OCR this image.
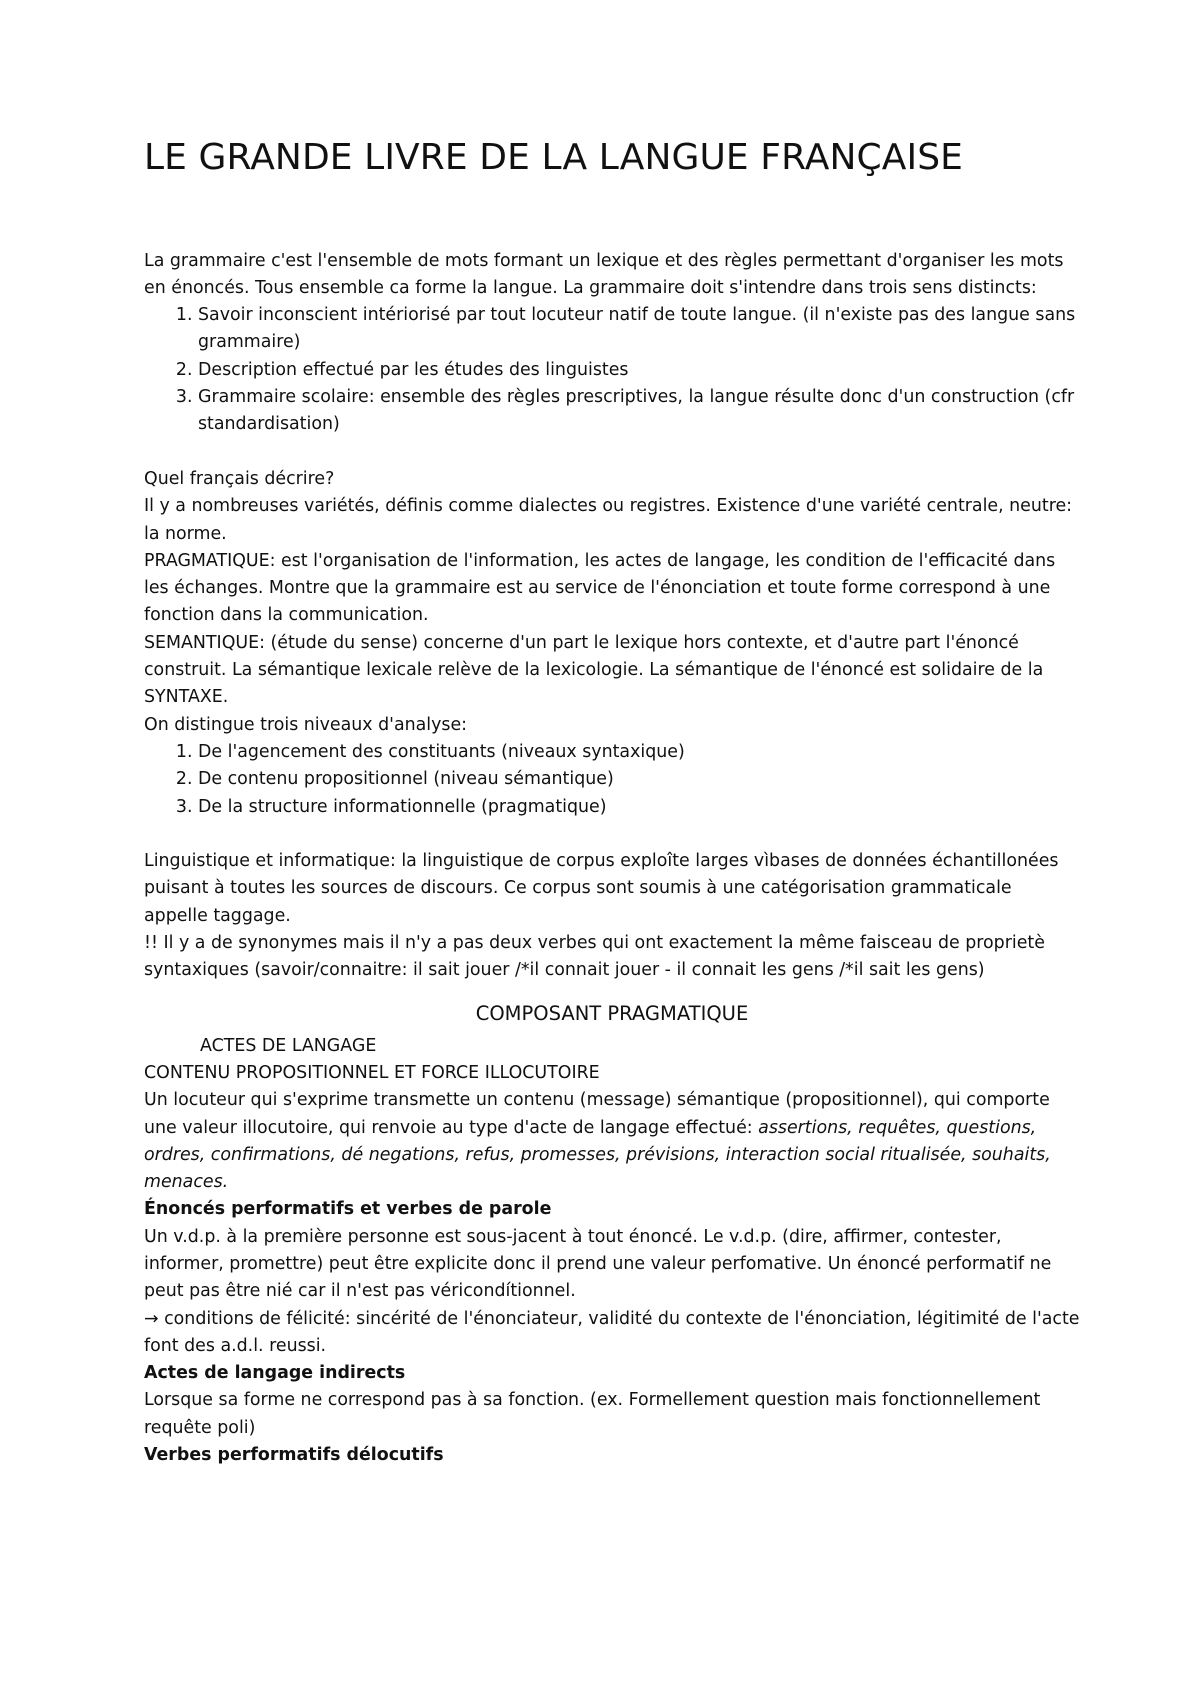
LE GRANDE LIVRE DE LA LANGUE FRANÇAISE

La grammaire c'est l'ensemble de mots formant un lexique et des règles permettant d'organiser les mots en énoncés. Tous ensemble ca forme la langue. La grammaire doit s'intendre dans trois sens distincts:

1. Savoir inconscient intériorisé par tout locuteur natif de toute langue. (il n'existe pas des langue sans grammaire)
2. Description effectué par les études des linguistes
3. Grammaire scolaire: ensemble des règles prescriptives, la langue résulte donc d'un construction (cfr standardisation)

Quel français décrire?

Il y a nombreuses variétés, définis comme dialectes ou registres. Existence d'une variété centrale, neutre: la norme.

PRAGMATIQUE: est l'organisation de l'information, les actes de langage, les condition de l'efficacité dans les échanges. Montre que la grammaire est au service de l'énonciation et toute forme correspond à une fonction dans la communication.

SEMANTIQUE: (étude du sense) concerne d'un part le lexique hors contexte, et d'autre part l'énoncé construit. La sémantique lexicale relève de la lexicologie. La sémantique de l'énoncé est solidaire de la SYNTAXE.

On distingue trois niveaux d'analyse:

1. De l'agencement des constituants (niveaux syntaxique)
2. De contenu propositionnel (niveau sémantique)
3. De la structure informationnelle (pragmatique)

Linguistique et informatique: la linguistique de corpus exploîte larges vìbases de données échantillonées puisant à toutes les sources de discours. Ce corpus sont soumis à une catégorisation grammaticale appelle taggage.

!! Il y a de synonymes mais il n'y a pas deux verbes qui ont exactement la même faisceau de proprietè syntaxiques (savoir/connaitre: il sait jouer /*il connait jouer - il connait les gens /*il sait les gens)

COMPOSANT PRAGMATIQUE

ACTES DE LANGAGE

CONTENU PROPOSITIONNEL ET FORCE ILLOCUTOIRE

Un locuteur qui s'exprime transmette un contenu (message) sémantique (propositionnel), qui comporte une valeur illocutoire, qui renvoie au type d'acte de langage effectué: assertions, requêtes, questions, ordres, confirmations, dé negations, refus, promesses, prévisions, interaction social ritualisée, souhaits, menaces.

Énoncés performatifs et verbes de parole

Un v.d.p. à la première personne est sous-jacent à tout énoncé. Le v.d.p. (dire, affirmer, contester, informer, promettre) peut être explicite donc il prend une valeur perfomative. Un énoncé performatif ne peut pas être nié car il n'est pas véricondítionnel.

→ conditions de félicité: sincérité de l'énonciateur, validité du contexte de l'énonciation, légitimité de l'acte font des a.d.l. reussi.

Actes de langage indirects

Lorsque sa forme ne correspond pas à sa fonction. (ex. Formellement question mais fonctionnellement requête poli)

Verbes performatifs délocutifs
